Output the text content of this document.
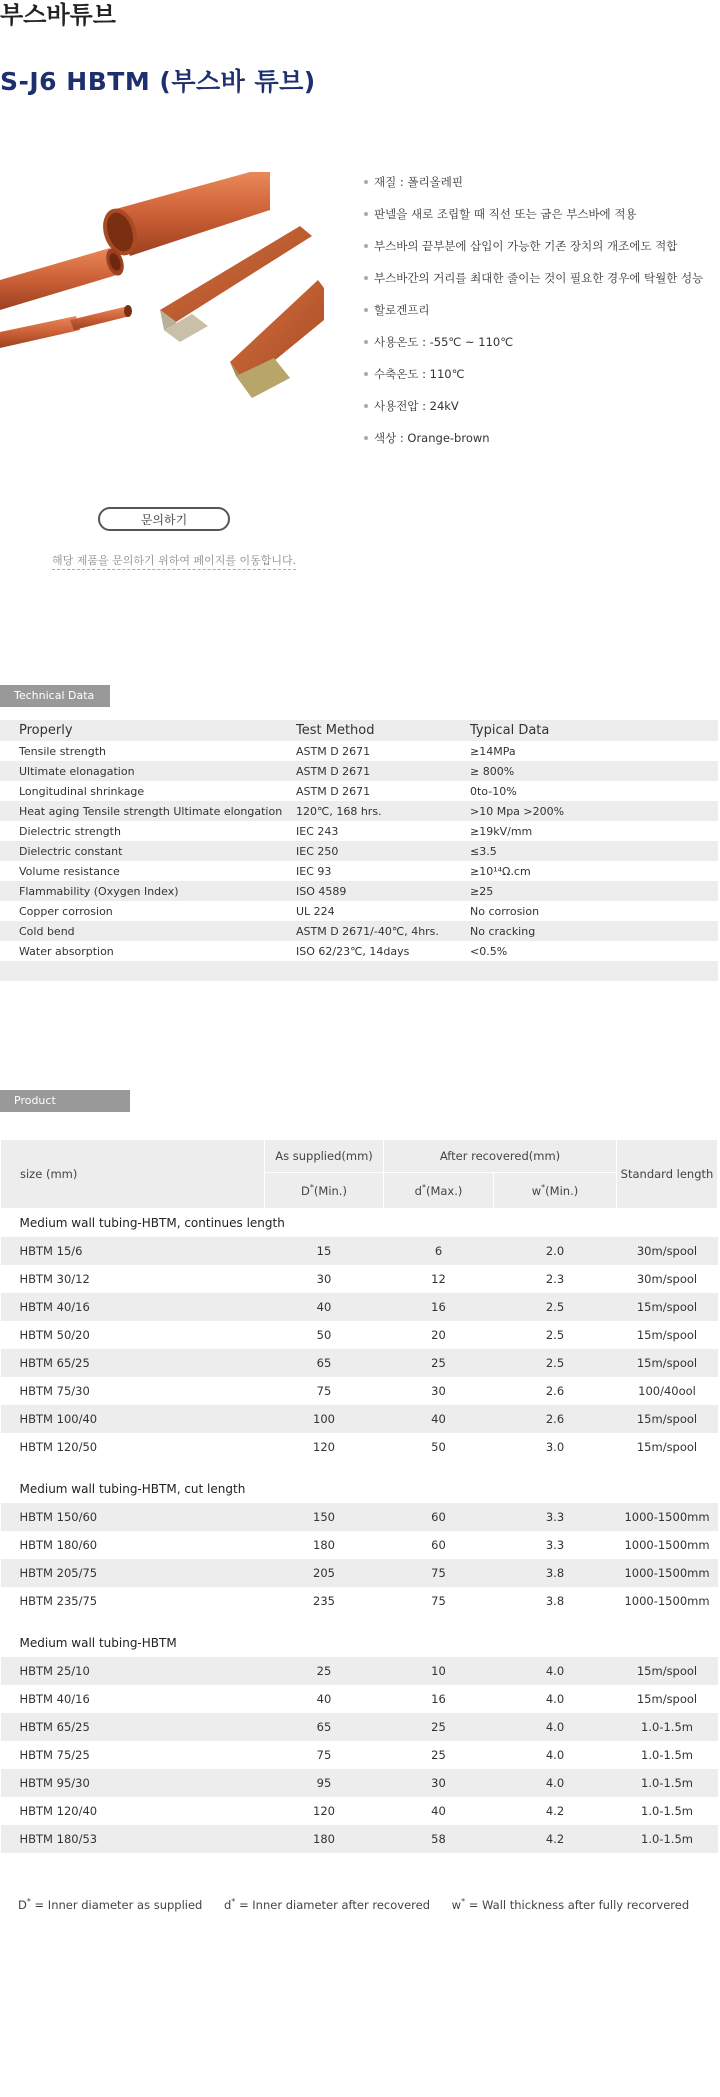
부스바튜브
S-J6 HBTM (부스바 튜브)
재질 : 폴리올레핀
판넬을 새로 조립할 때 직선 또는 굽은 부스바에 적용
부스바의 끝부분에 삽입이 가능한 기존 장치의 개조에도 적합
부스바간의 거리를 최대한 줄이는 것이 필요한 경우에 탁월한 성능
할로겐프리
사용온도 : -55℃ ~ 110℃
수축온도 : 110℃
사용전압 : 24kV
색상 : Orange-brown
문의하기
해당 제품을 문의하기 위하여 페이지를 이동합니다.
Technical Data
Properly	Test Method	Typical Data
Tensile strength	ASTM D 2671	≥14MPa
Ultimate elonagation	ASTM D 2671	≥ 800%
Longitudinal shrinkage	ASTM D 2671	0to-10%
Heat aging Tensile strength Ultimate elongation	120℃, 168 hrs.	>10 Mpa >200%
Dielectric strength	IEC 243	≥19kV/mm
Dielectric constant	IEC 250	≤3.5
Volume resistance	IEC 93	≥10¹⁴Ω.cm
Flammability (Oxygen Index)	ISO 4589	≥25
Copper corrosion	UL 224	No corrosion
Cold bend	ASTM D 2671/-40℃, 4hrs.	No cracking
Water absorption	ISO 62/23℃, 14days	<0.5%

Product Dimensions
size (mm)	As supplied(mm)	After recovered(mm)		Standard length
	D*(Min.)	d*(Max.)	w*(Min.)	
Medium wall tubing-HBTM, continues length				
HBTM 15/6	15	6	2.0	30m/spool
HBTM 30/12	30	12	2.3	30m/spool
HBTM 40/16	40	16	2.5	15m/spool
HBTM 50/20	50	20	2.5	15m/spool
HBTM 65/25	65	25	2.5	15m/spool
HBTM 75/30	75	30	2.6	100/40ool
HBTM 100/40	100	40	2.6	15m/spool
HBTM 120/50	120	50	3.0	15m/spool

Medium wall tubing-HBTM, cut length				
HBTM 150/60	150	60	3.3	1000-1500mm
HBTM 180/60	180	60	3.3	1000-1500mm
HBTM 205/75	205	75	3.8	1000-1500mm
HBTM 235/75	235	75	3.8	1000-1500mm

Medium wall tubing-HBTM				
HBTM 25/10	25	10	4.0	15m/spool
HBTM 40/16	40	16	4.0	15m/spool
HBTM 65/25	65	25	4.0	1.0-1.5m
HBTM 75/25	75	25	4.0	1.0-1.5m
HBTM 95/30	95	30	4.0	1.0-1.5m
HBTM 120/40	120	40	4.2	1.0-1.5m
HBTM 180/53	180	58	4.2	1.0-1.5m
D* = Inner diameter as supplied d* = Inner diameter after recovered w* = Wall thickness after fully recorvered
